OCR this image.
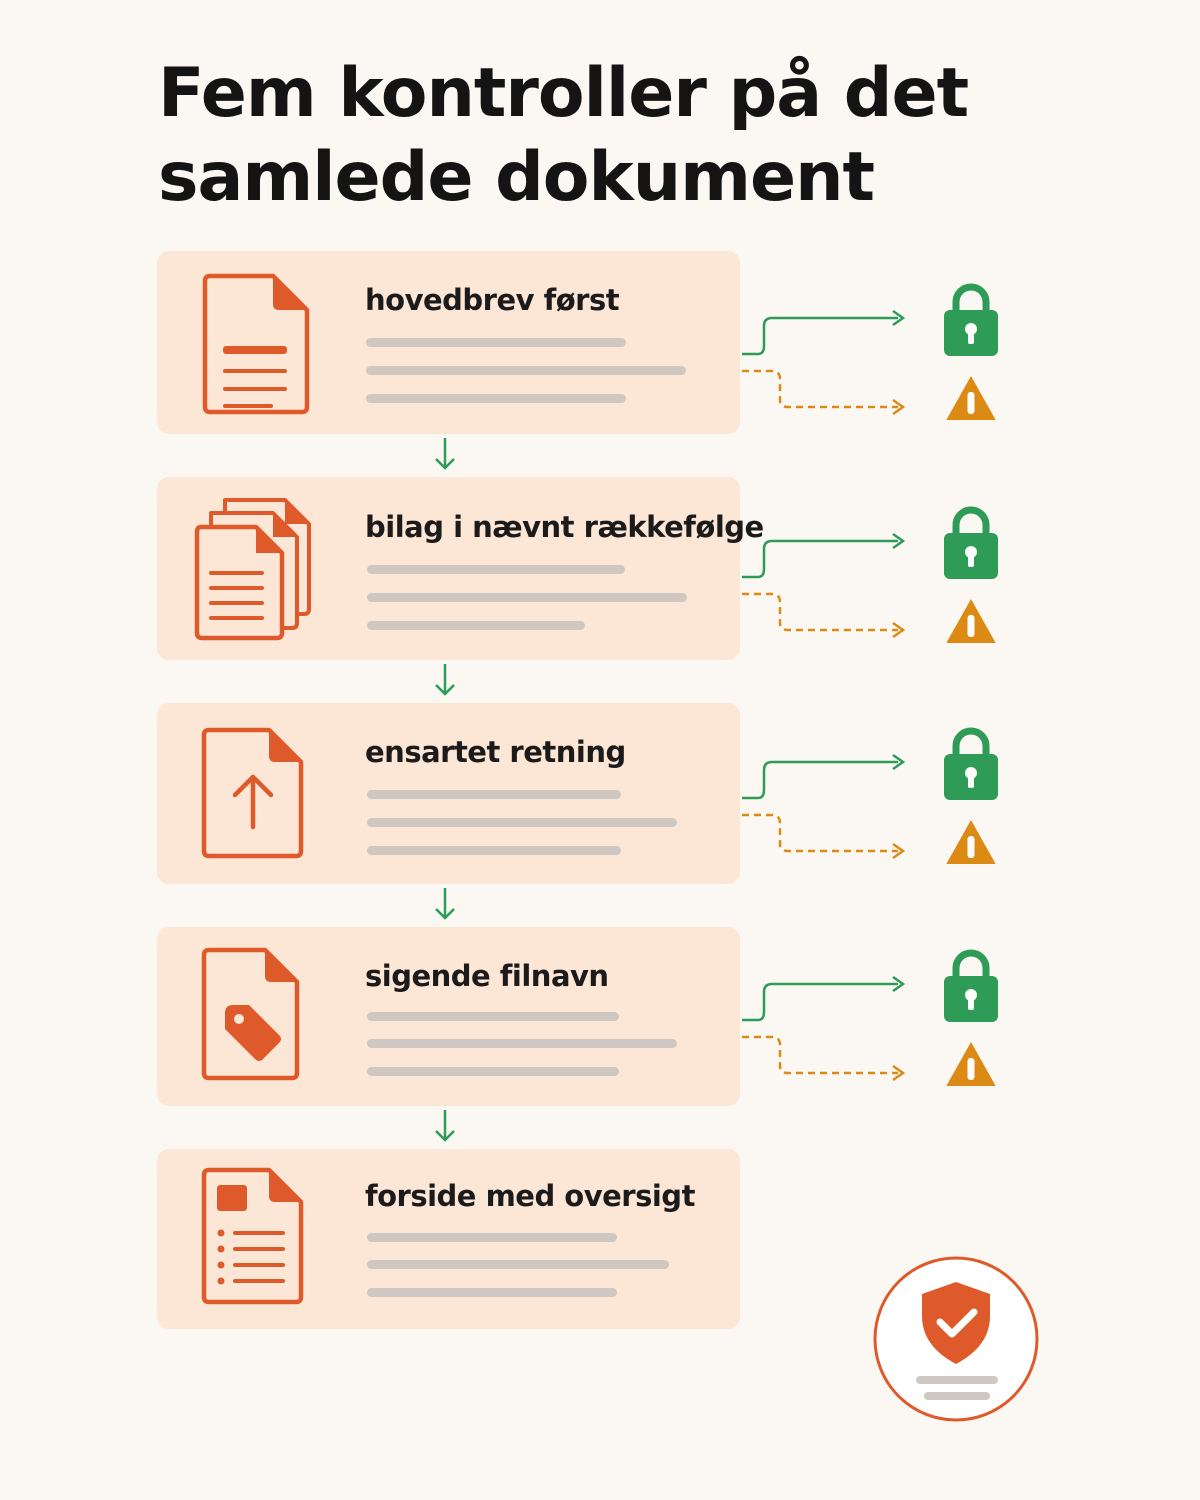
Fem kontroller på det samlede dokument
hovedbrev først
bilag i nævnt rækkefølge
ensartet retning
sigende filnavn
forside med oversigt
